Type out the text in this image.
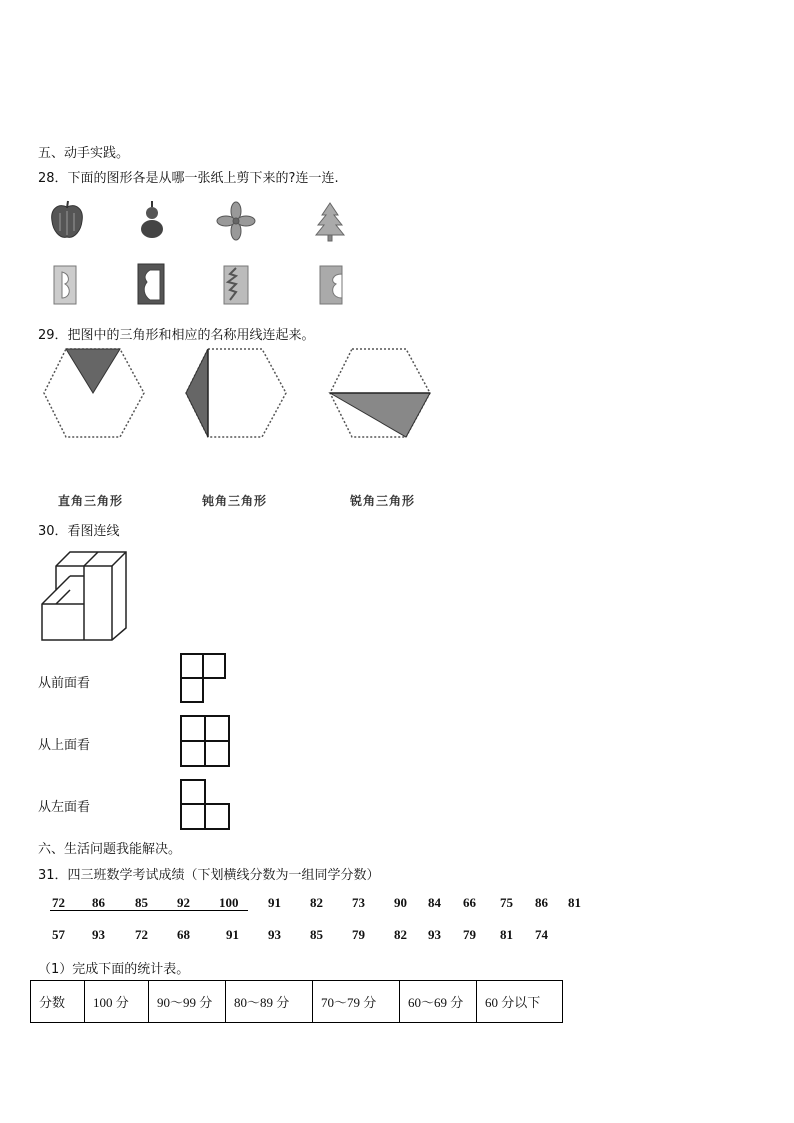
五、动手实践。
28．下面的图形各是从哪一张纸上剪下来的?连一连.
29．把图中的三角形和相应的名称用线连起来。
直角三角形	钝角三角形	锐角三角形
30．看图连线
从前面看
从上面看
从左面看
六、生活问题我能解决。
31．四三班数学考试成绩（下划横线分数为一组同学分数）
72 86 85 92 100 91 82 73 90 84 66 75 86 81
57 93 72 68	91 93 85 79 82 93 79 81 74
（1）完成下面的统计表。
分数	100 分	90～99 分	80～89 分	70～79 分	60～69 分	60 分以下
